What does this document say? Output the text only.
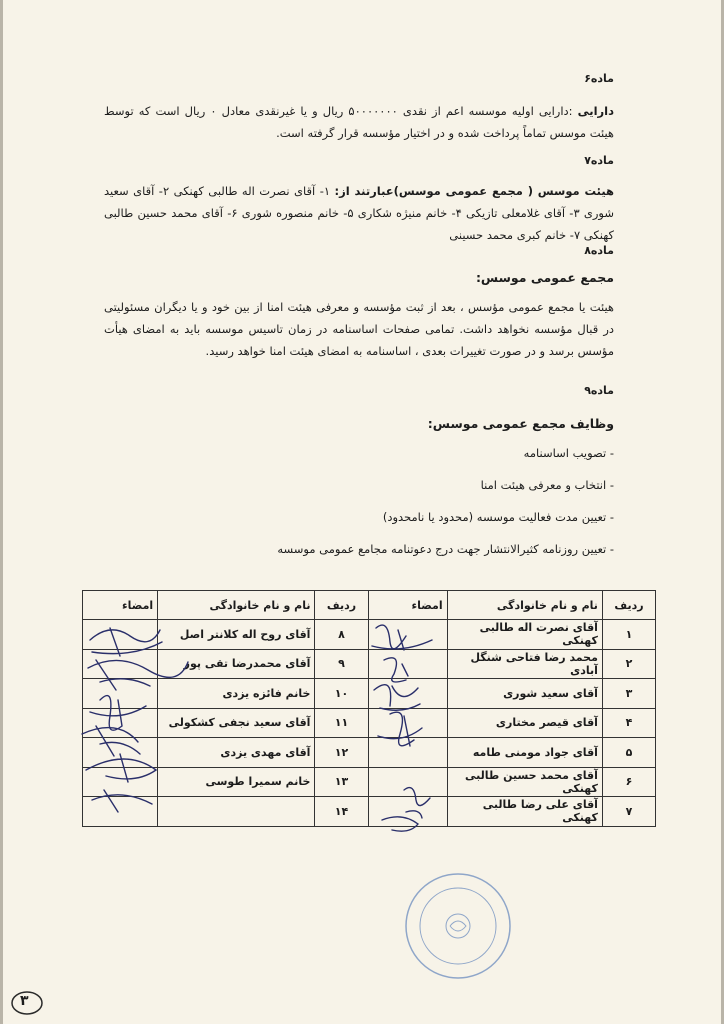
ماده۶
دارایی :دارایی اولیه موسسه اعم از نقدی ۵۰۰۰۰۰۰۰ ریال و یا غیرنقدی معادل ۰ ریال است که توسط هیئت موسس تماماً پرداخت شده و در اختیار مؤسسه قرار گرفته است.
ماده۷
هیئت موسس ( مجمع عمومی موسس)عبارتند از: ۱- آقای نصرت اله طالبی کهنکی ۲- آقای سعید شوری ۳- آقای غلامعلی تازیکی ۴- خانم منیژه شکاری ۵- خانم منصوره شوری ۶- آقای محمد حسین طالبی کهنکی ۷- خانم کبری محمد حسینی
ماده۸
مجمع عمومی موسس:
هیئت یا مجمع عمومی مؤسس ، بعد از ثبت مؤسسه و معرفی هیئت امنا از بین خود و یا دیگران مسئولیتی در قبال مؤسسه نخواهد داشت. تمامی صفحات اساسنامه در زمان تاسیس موسسه باید به امضای هیأت مؤسس برسد و در صورت تغییرات بعدی ، اساسنامه به امضای هیئت امنا خواهد رسید.
ماده۹
وظایف مجمع عمومی موسس:
- تصویب اساسنامه
- انتخاب و معرفی هیئت امنا
- تعیین مدت فعالیت موسسه (محدود یا نامحدود)
- تعیین روزنامه کثیرالانتشار جهت درج دعوتنامه مجامع عمومی موسسه
ردیف	نام و نام خانوادگی	امضاء	ردیف	نام و نام خانوادگی	امضاء
۱	آقای نصرت اله طالبی کهنکی		۸	آقای روح اله کلانتر اصل	
۲	محمد رضا فتاحی شنگل آبادی		۹	آقای محمدرضا تقی پور	
۳	آقای سعید شوری		۱۰	خانم فائزه یزدی	
۴	آقای قیصر مختاری		۱۱	آقای سعید نجفی کشکولی	
۵	آقای جواد مومنی طامه		۱۲	آقای مهدی یزدی	
۶	آقای محمد حسین طالبی کهنکی		۱۳	خانم سمیرا طوسی	
۷	آقای علی رضا طالبی کهنکی		۱۴		
۳
